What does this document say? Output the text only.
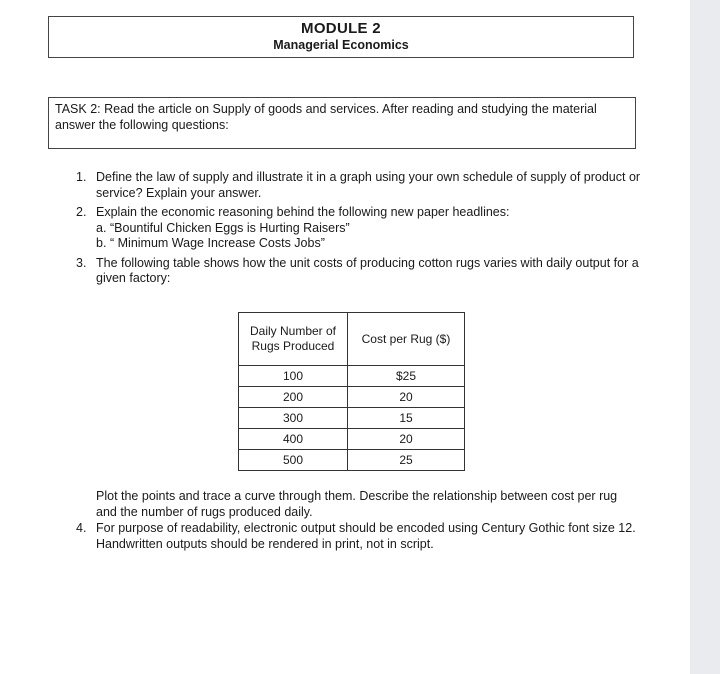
MODULE 2
Managerial Economics
TASK 2: Read the article on Supply of goods and services. After reading and studying the material answer the following questions:
1. Define the law of supply and illustrate it in a graph using your own schedule of supply of product or service? Explain your answer.
2. Explain the economic reasoning behind the following new paper headlines:
a. “Bountiful Chicken Eggs is Hurting Raisers”
b. “ Minimum Wage Increase Costs Jobs”
3. The following table shows how the unit costs of producing cotton rugs varies with daily output for a given factory:
Daily Number of Rugs Produced	Cost per Rug ($)
100	$25
200	20
300	15
400	20
500	25
Plot the points and trace a curve through them. Describe the relationship between cost per rug and the number of rugs produced daily.
4. For purpose of readability, electronic output should be encoded using Century Gothic font size 12. Handwritten outputs should be rendered in print, not in script.
